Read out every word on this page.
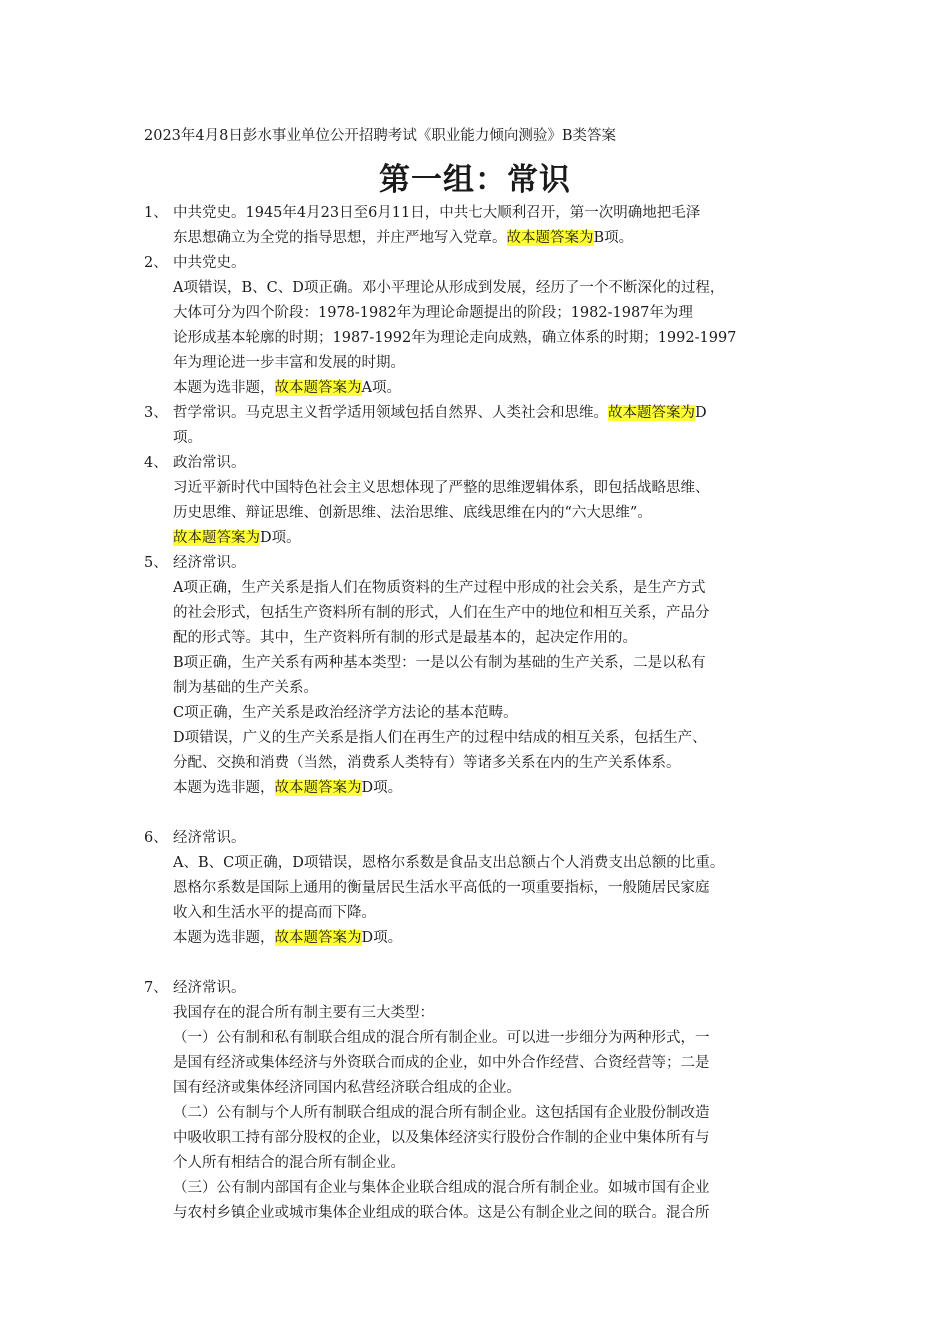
2023年4月8日彭水事业单位公开招聘考试《职业能力倾向测验》B类答案
第一组：常识
1、 中共党史。1945年4月23日至6月11日，中共七大顺利召开，第一次明确地把毛泽
东思想确立为全党的指导思想，并庄严地写入党章。故本题答案为B项。
2、 中共党史。
A项错误，B、C、D项正确。邓小平理论从形成到发展，经历了一个不断深化的过程，
大体可分为四个阶段：1978-1982年为理论命题提出的阶段；1982-1987年为理
论形成基本轮廓的时期；1987-1992年为理论走向成熟，确立体系的时期；1992-1997
年为理论进一步丰富和发展的时期。
本题为选非题，故本题答案为A项。
3、 哲学常识。马克思主义哲学适用领域包括自然界、人类社会和思维。故本题答案为D
项。
4、 政治常识。
习近平新时代中国特色社会主义思想体现了严整的思维逻辑体系，即包括战略思维、
历史思维、辩证思维、创新思维、法治思维、底线思维在内的“六大思维”。
故本题答案为D项。
5、 经济常识。
A项正确，生产关系是指人们在物质资料的生产过程中形成的社会关系，是生产方式
的社会形式，包括生产资料所有制的形式，人们在生产中的地位和相互关系，产品分
配的形式等。其中，生产资料所有制的形式是最基本的，起决定作用的。
B项正确，生产关系有两种基本类型：一是以公有制为基础的生产关系，二是以私有
制为基础的生产关系。
C项正确，生产关系是政治经济学方法论的基本范畴。
D项错误，广义的生产关系是指人们在再生产的过程中结成的相互关系，包括生产、
分配、交换和消费（当然，消费系人类特有）等诸多关系在内的生产关系体系。
本题为选非题，故本题答案为D项。
6、 经济常识。
A、B、C项正确，D项错误，恩格尔系数是食品支出总额占个人消费支出总额的比重。
恩格尔系数是国际上通用的衡量居民生活水平高低的一项重要指标，一般随居民家庭
收入和生活水平的提高而下降。
本题为选非题，故本题答案为D项。
7、 经济常识。
我国存在的混合所有制主要有三大类型：
（一）公有制和私有制联合组成的混合所有制企业。可以进一步细分为两种形式，一
是国有经济或集体经济与外资联合而成的企业，如中外合作经营、合资经营等；二是
国有经济或集体经济同国内私营经济联合组成的企业。
（二）公有制与个人所有制联合组成的混合所有制企业。这包括国有企业股份制改造
中吸收职工持有部分股权的企业，以及集体经济实行股份合作制的企业中集体所有与
个人所有相结合的混合所有制企业。
（三）公有制内部国有企业与集体企业联合组成的混合所有制企业。如城市国有企业
与农村乡镇企业或城市集体企业组成的联合体。这是公有制企业之间的联合。混合所
